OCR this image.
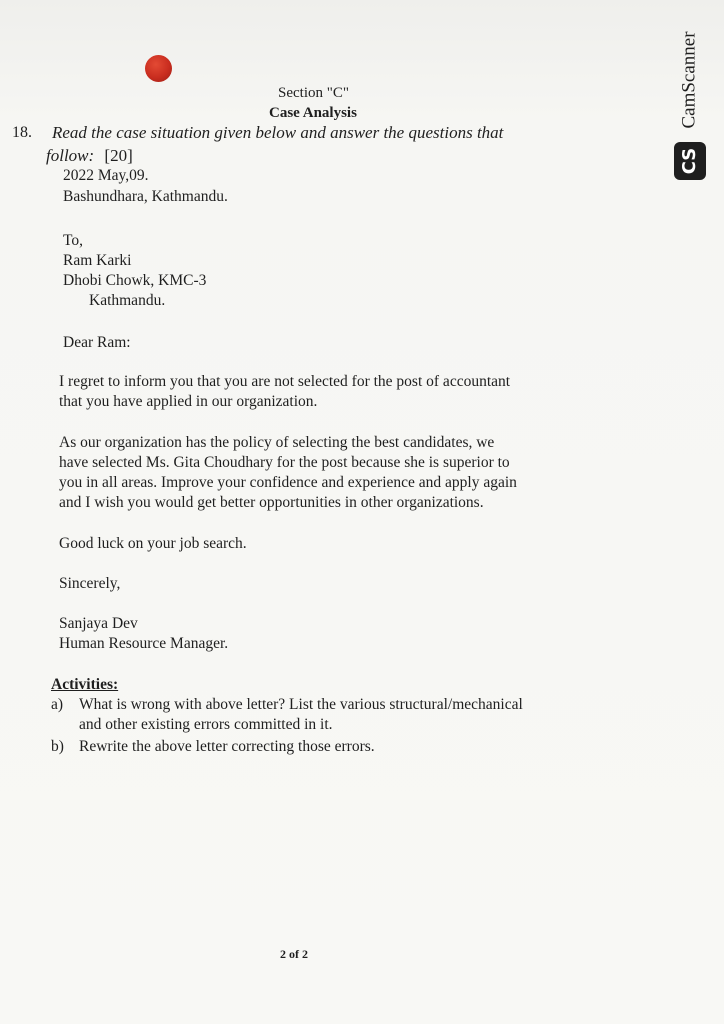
Section "C"
Case Analysis
18. Read the case situation given below and answer the questions that
follow: [20]
2022 May,09.
Bashundhara, Kathmandu.
To,
Ram Karki
Dhobi Chowk, KMC-3
Kathmandu.
Dear Ram:
I regret to inform you that you are not selected for the post of accountant
that you have applied in our organization.
As our organization has the policy of selecting the best candidates, we
have selected Ms. Gita Choudhary for the post because she is superior to
you in all areas. Improve your confidence and experience and apply again
and I wish you would get better opportunities in other organizations.
Good luck on your job search.
Sincerely,
Sanjaya Dev
Human Resource Manager.
Activities:
a) What is wrong with above letter? List the various structural/mechanical
and other existing errors committed in it.
b) Rewrite the above letter correcting those errors.
2 of 2
CS
CamScanner
